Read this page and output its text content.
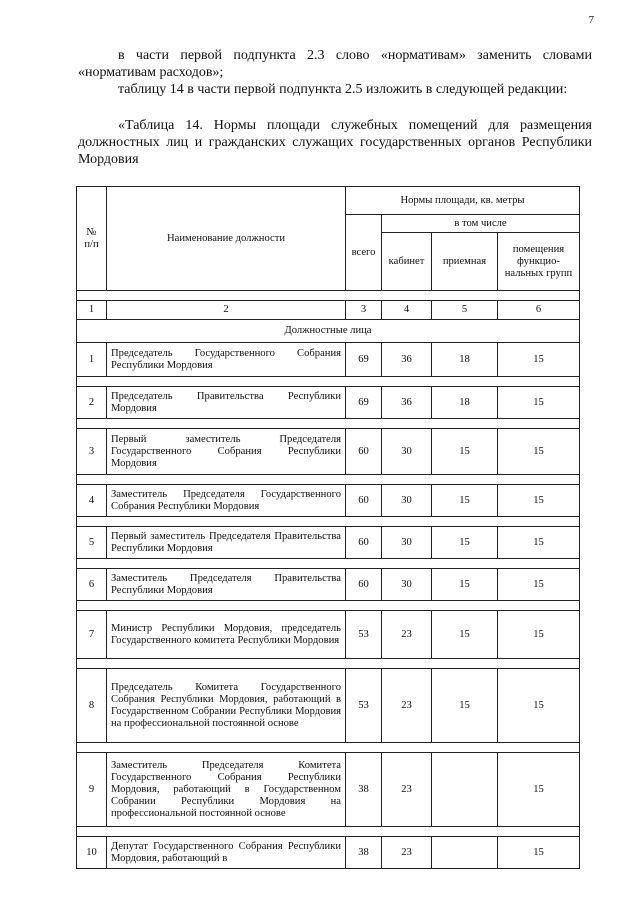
7

в части первой подпункта 2.3 слово «нормативам» заменить словами «нормативам расходов»;

таблицу 14 в части первой подпункта 2.5 изложить в следующей редакции:

«Таблица 14. Нормы площади служебных помещений для размещения должностных лиц и гражданских служащих государственных органов Республики Мордовия

№ п/п	Наименование должности	Нормы площади, кв. метры			
		всего	в том числе		
			кабинет	приемная	помещения функцио-нальных групп

1	2	3	4	5	6
Должностные лица					
1	Председатель Государственного Собрания Республики Мордовия	69	36	18	15

2	Председатель Правительства Республики Мордовия	69	36	18	15

3	Первый заместитель Председателя Государственного Собрания Республики Мордовия	60	30	15	15

4	Заместитель Председателя Государственного Собрания Республики Мордовия	60	30	15	15

5	Первый заместитель Председателя Правительства Республики Мордовия	60	30	15	15

6	Заместитель Председателя Правительства Республики Мордовия	60	30	15	15

7	Министр Республики Мордовия, председатель Государственного комитета Республики Мордовия	53	23	15	15

8	Председатель Комитета Государственного Собрания Республики Мордовия, работающий в Государственном Собрании Республики Мордовия на профессиональной постоянной основе	53	23	15	15

9	Заместитель Председателя Комитета Государственного Собрания Республики Мордовия, работающий в Государственном Собрании Республики Мордовия на профессиональной постоянной основе	38	23		15

10	Депутат Государственного Собрания Республики Мордовия, работающий в	38	23		15
